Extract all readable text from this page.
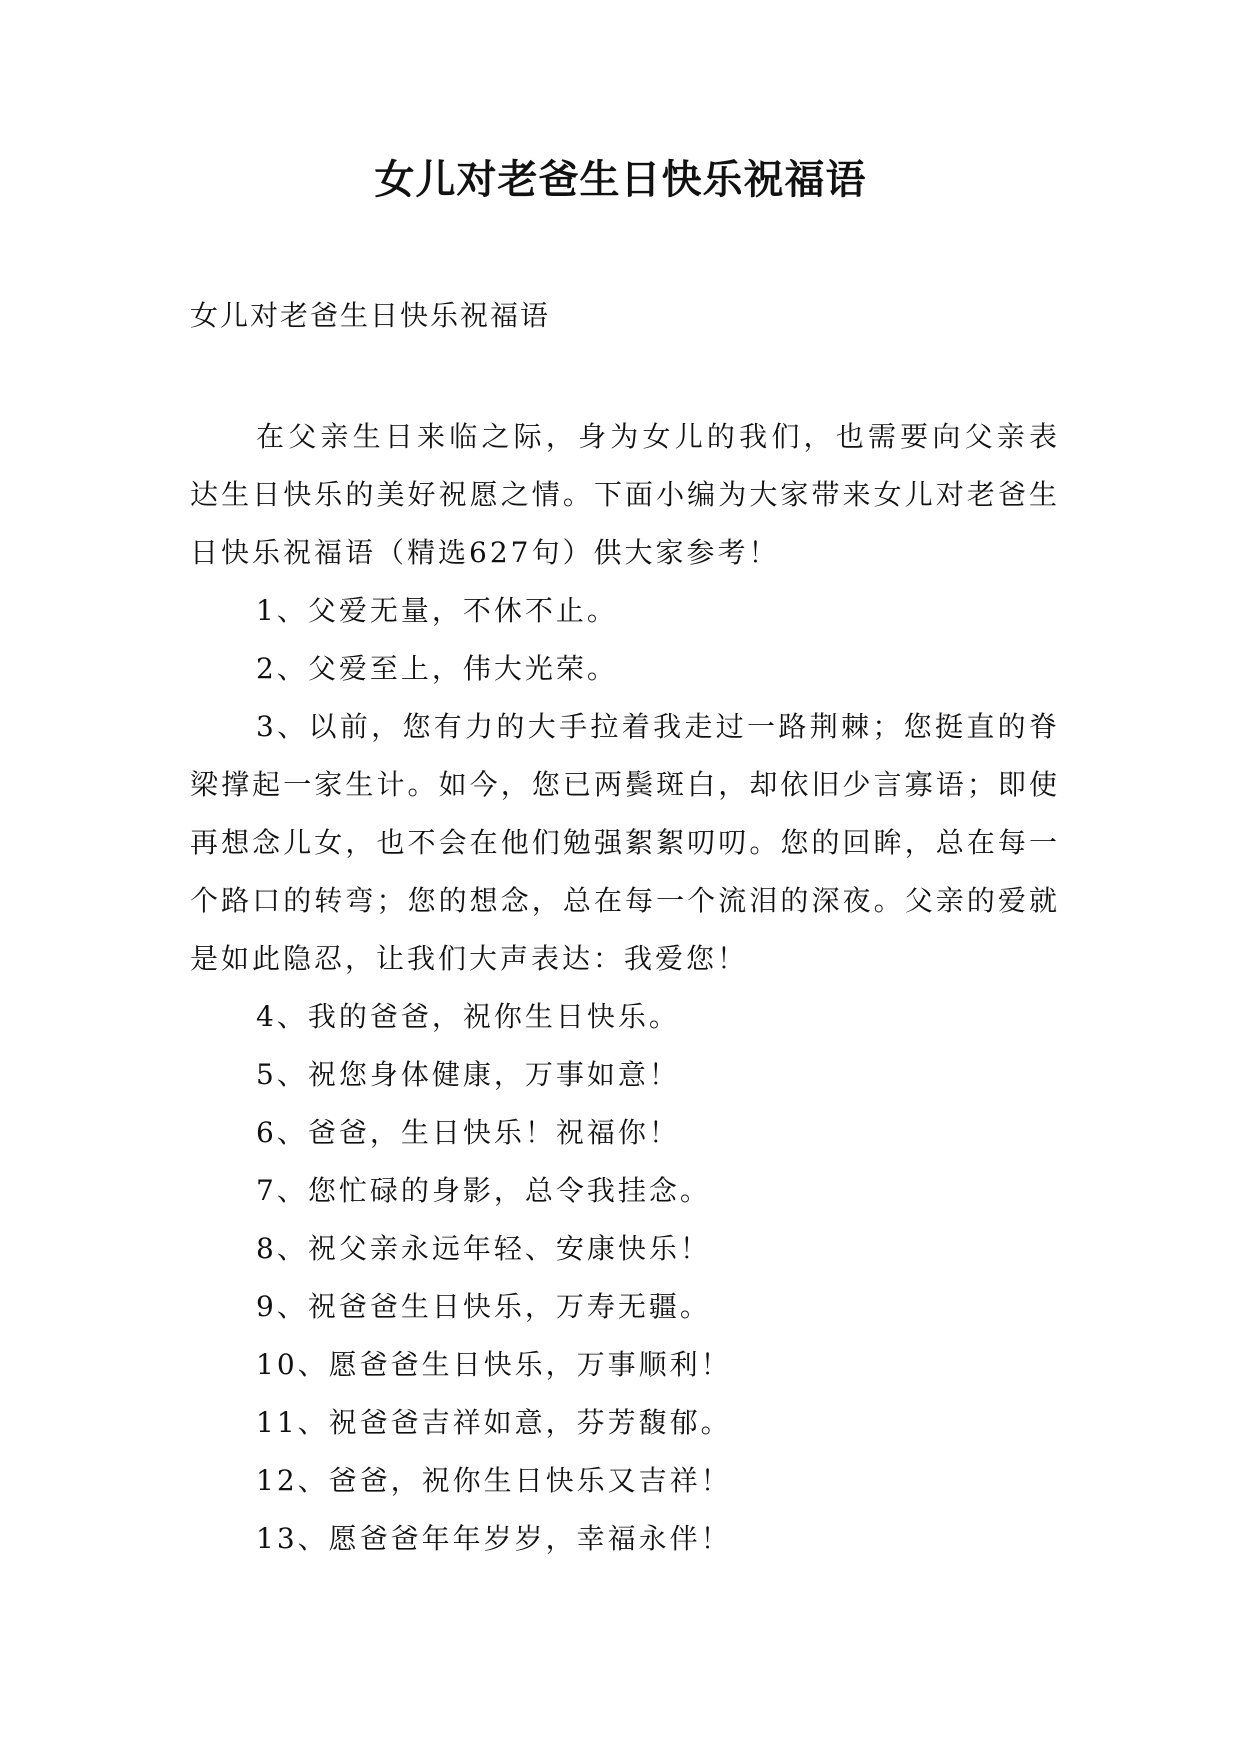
女儿对老爸生日快乐祝福语
女儿对老爸生日快乐祝福语

在父亲生日来临之际，身为女儿的我们，也需要向父亲表达生日快乐的美好祝愿之情。下面小编为大家带来女儿对老爸生日快乐祝福语（精选627句）供大家参考！

1、父爱无量，不休不止。

2、父爱至上，伟大光荣。

3、以前，您有力的大手拉着我走过一路荆棘；您挺直的脊梁撑起一家生计。如今，您已两鬓斑白，却依旧少言寡语；即使再想念儿女，也不会在他们勉强絮絮叨叨。您的回眸，总在每一个路口的转弯；您的想念，总在每一个流泪的深夜。父亲的爱就是如此隐忍，让我们大声表达：我爱您！

4、我的爸爸，祝你生日快乐。

5、祝您身体健康，万事如意！

6、爸爸，生日快乐！祝福你！

7、您忙碌的身影，总令我挂念。

8、祝父亲永远年轻、安康快乐！

9、祝爸爸生日快乐，万寿无疆。

10、愿爸爸生日快乐，万事顺利！

11、祝爸爸吉祥如意，芬芳馥郁。

12、爸爸，祝你生日快乐又吉祥！

13、愿爸爸年年岁岁，幸福永伴！
